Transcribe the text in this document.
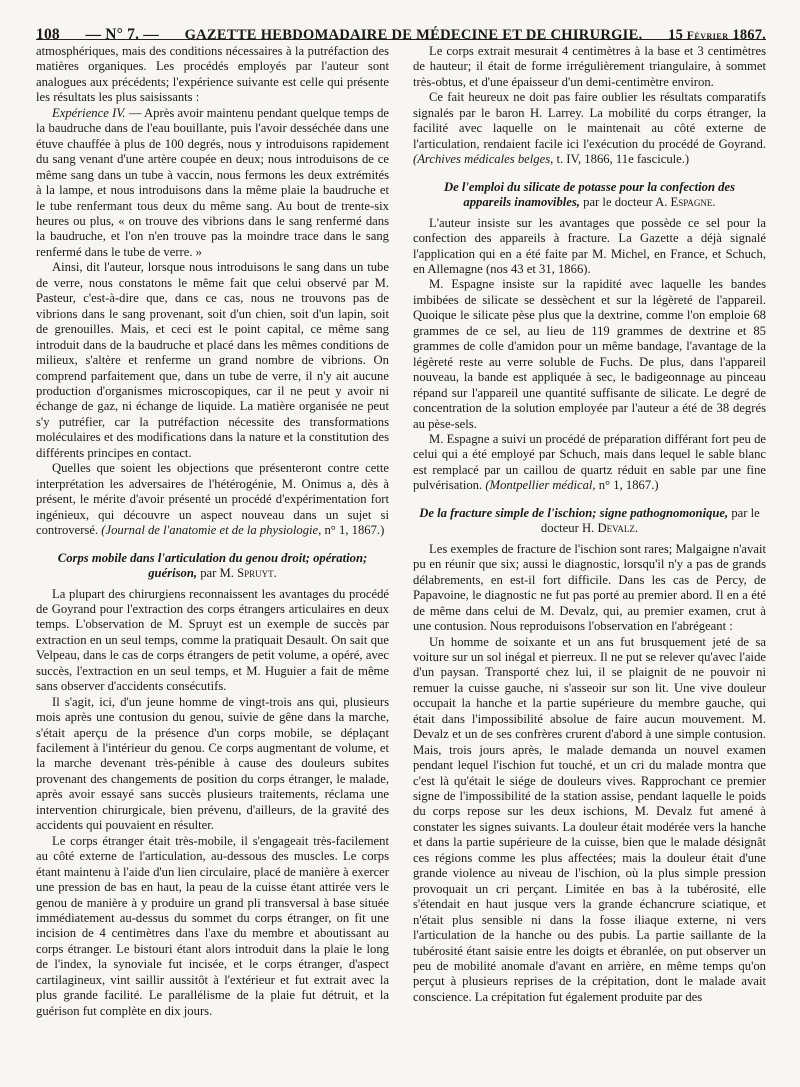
108 — N° 7. — GAZETTE HEBDOMADAIRE DE MÉDECINE ET DE CHIRURGIE. 15 Février 1867.

atmosphériques, mais des conditions nécessaires à la putréfaction des matières organiques. Les procédés employés par l'auteur sont analogues aux précédents; l'expérience suivante est celle qui présente les résultats les plus saisissants :

Expérience IV. — Après avoir maintenu pendant quelque temps de la baudruche dans de l'eau bouillante, puis l'avoir desséchée dans une étuve chauffée à plus de 100 degrés, nous y introduisons rapidement du sang venant d'une artère coupée en deux; nous introduisons de ce même sang dans un tube à vaccin, nous fermons les deux extrémités à la lampe, et nous introduisons dans la même plaie la baudruche et le tube renfermant tous deux du même sang. Au bout de trente-six heures ou plus, « on trouve des vibrions dans le sang renfermé dans la baudruche, et l'on n'en trouve pas la moindre trace dans le sang renfermé dans le tube de verre. »

Ainsi, dit l'auteur, lorsque nous introduisons le sang dans un tube de verre, nous constatons le même fait que celui observé par M. Pasteur, c'est-à-dire que, dans ce cas, nous ne trouvons pas de vibrions dans le sang provenant, soit d'un chien, soit d'un lapin, soit de grenouilles. Mais, et ceci est le point capital, ce même sang introduit dans de la baudruche et placé dans les mêmes conditions de milieux, s'altère et renferme un grand nombre de vibrions. On comprend parfaitement que, dans un tube de verre, il n'y ait aucune production d'organismes microscopiques, car il ne peut y avoir ni échange de gaz, ni échange de liquide. La matière organisée ne peut s'y putréfier, car la putréfaction nécessite des transformations moléculaires et des modifications dans la nature et la constitution des différents principes en contact.

Quelles que soient les objections que présenteront contre cette interprétation les adversaires de l'hétérogénie, M. Onimus a, dès à présent, le mérite d'avoir présenté un procédé d'expérimentation fort ingénieux, qui découvre un aspect nouveau dans un sujet si controversé. (Journal de l'anatomie et de la physiologie, n° 1, 1867.)

Corps mobile dans l'articulation du genou droit; opération; guérison, par M. Spruyt.

La plupart des chirurgiens reconnaissent les avantages du procédé de Goyrand pour l'extraction des corps étrangers articulaires en deux temps. L'observation de M. Spruyt est un exemple de succès par extraction en un seul temps, comme la pratiquait Desault. On sait que Velpeau, dans le cas de corps étrangers de petit volume, a opéré, avec succès, l'extraction en un seul temps, et M. Huguier a fait de même sans observer d'accidents consécutifs.

Il s'agit, ici, d'un jeune homme de vingt-trois ans qui, plusieurs mois après une contusion du genou, suivie de gêne dans la marche, s'était aperçu de la présence d'un corps mobile, se déplaçant facilement à l'intérieur du genou. Ce corps augmentant de volume, et la marche devenant très-pénible à cause des douleurs subites provenant des changements de position du corps étranger, le malade, après avoir essayé sans succès plusieurs traitements, réclama une intervention chirurgicale, bien prévenu, d'ailleurs, de la gravité des accidents qui pouvaient en résulter.

Le corps étranger était très-mobile, il s'engageait très-facilement au côté externe de l'articulation, au-dessous des muscles. Le corps étant maintenu à l'aide d'un lien circulaire, placé de manière à exercer une pression de bas en haut, la peau de la cuisse étant attirée vers le genou de manière à y produire un grand pli transversal à base située immédiatement au-dessus du sommet du corps étranger, on fit une incision de 4 centimètres dans l'axe du membre et aboutissant au corps étranger. Le bistouri étant alors introduit dans la plaie le long de l'index, la synoviale fut incisée, et le corps étranger, d'aspect cartilagineux, vint saillir aussitôt à l'extérieur et fut extrait avec la plus grande facilité. Le parallélisme de la plaie fut détruit, et la guérison fut complète en dix jours.

Le corps extrait mesurait 4 centimètres à la base et 3 centimètres de hauteur; il était de forme irrégulièrement triangulaire, à sommet très-obtus, et d'une épaisseur d'un demi-centimètre environ.

Ce fait heureux ne doit pas faire oublier les résultats comparatifs signalés par le baron H. Larrey. La mobilité du corps étranger, la facilité avec laquelle on le maintenait au côté externe de l'articulation, rendaient facile ici l'exécution du procédé de Goyrand. (Archives médicales belges, t. IV, 1866, 11e fascicule.)

De l'emploi du silicate de potasse pour la confection des appareils inamovibles, par le docteur A. Espagne.

L'auteur insiste sur les avantages que possède ce sel pour la confection des appareils à fracture. La Gazette a déjà signalé l'application qui en a été faite par M. Michel, en France, et Schuch, en Allemagne (nos 43 et 31, 1866).

M. Espagne insiste sur la rapidité avec laquelle les bandes imbibées de silicate se dessèchent et sur la légèreté de l'appareil. Quoique le silicate pèse plus que la dextrine, comme l'on emploie 68 grammes de ce sel, au lieu de 119 grammes de dextrine et 85 grammes de colle d'amidon pour un même bandage, l'avantage de la légèreté reste au verre soluble de Fuchs. De plus, dans l'appareil nouveau, la bande est appliquée à sec, le badigeonnage au pinceau répand sur l'appareil une quantité suffisante de silicate. Le degré de concentration de la solution employée par l'auteur a été de 38 degrés au pèse-sels.

M. Espagne a suivi un procédé de préparation différant fort peu de celui qui a été employé par Schuch, mais dans lequel le sable blanc est remplacé par un caillou de quartz réduit en sable par une fine pulvérisation. (Montpellier médical, n° 1, 1867.)

De la fracture simple de l'ischion; signe pathognomonique, par le docteur H. Devalz.

Les exemples de fracture de l'ischion sont rares; Malgaigne n'avait pu en réunir que six; aussi le diagnostic, lorsqu'il n'y a pas de grands délabrements, en est-il fort difficile. Dans les cas de Percy, de Papavoine, le diagnostic ne fut pas porté au premier abord. Il en a été de même dans celui de M. Devalz, qui, au premier examen, crut à une contusion. Nous reproduisons l'observation en l'abrégeant :

Un homme de soixante et un ans fut brusquement jeté de sa voiture sur un sol inégal et pierreux. Il ne put se relever qu'avec l'aide d'un paysan. Transporté chez lui, il se plaignit de ne pouvoir ni remuer la cuisse gauche, ni s'asseoir sur son lit. Une vive douleur occupait la hanche et la partie supérieure du membre gauche, qui était dans l'impossibilité absolue de faire aucun mouvement. M. Devalz et un de ses confrères crurent d'abord à une simple contusion. Mais, trois jours après, le malade demanda un nouvel examen pendant lequel l'ischion fut touché, et un cri du malade montra que c'est là qu'était le siége de douleurs vives. Rapprochant ce premier signe de l'impossibilité de la station assise, pendant laquelle le poids du corps repose sur les deux ischions, M. Devalz fut amené à constater les signes suivants. La douleur était modérée vers la hanche et dans la partie supérieure de la cuisse, bien que le malade désignât ces régions comme les plus affectées; mais la douleur était d'une grande violence au niveau de l'ischion, où la plus simple pression provoquait un cri perçant. Limitée en bas à la tubérosité, elle s'étendait en haut jusque vers la grande échancrure sciatique, et n'était plus sensible ni dans la fosse iliaque externe, ni vers l'articulation de la hanche ou des pubis. La partie saillante de la tubérosité étant saisie entre les doigts et ébranlée, on put observer un peu de mobilité anomale d'avant en arrière, en même temps qu'on perçut à plusieurs reprises de la crépitation, dont le malade avait conscience. La crépitation fut également produite par des
